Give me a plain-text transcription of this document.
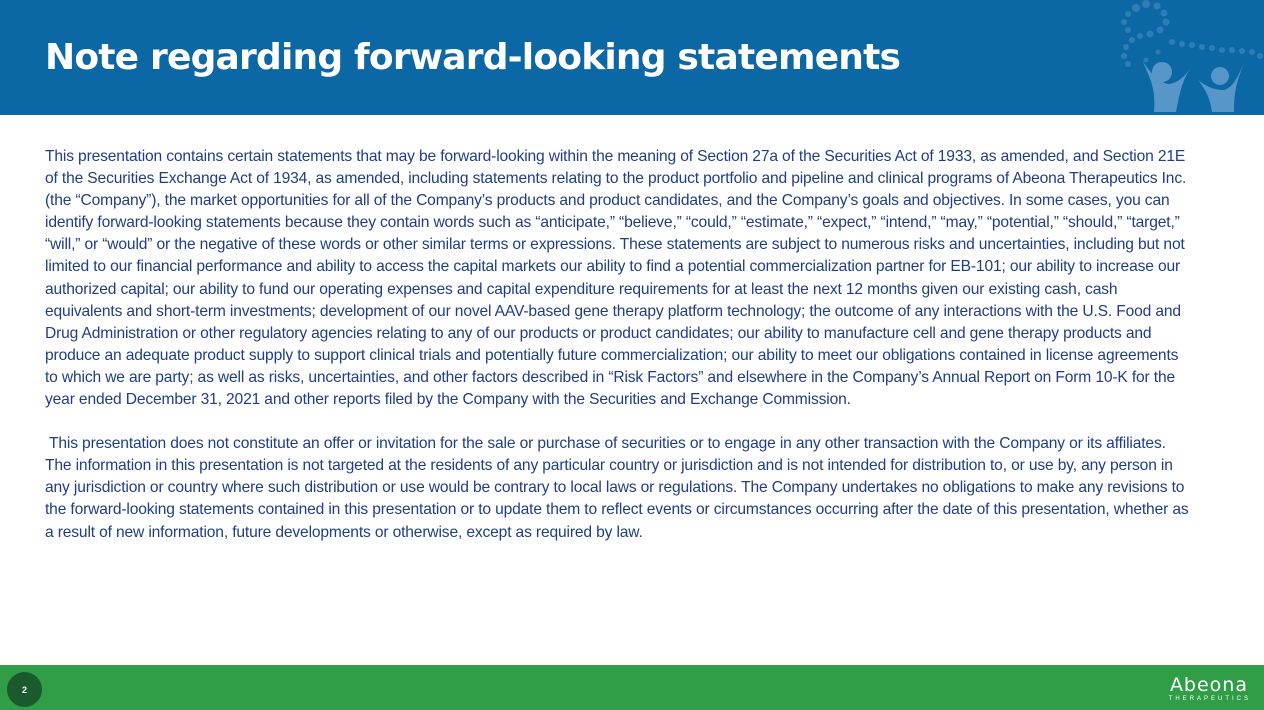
Note regarding forward-looking statements

This presentation contains certain statements that may be forward-looking within the meaning of Section 27a of the Securities Act of 1933, as amended, and Section 21E of the Securities Exchange Act of 1934, as amended, including statements relating to the product portfolio and pipeline and clinical programs of Abeona Therapeutics Inc. (the “Company”), the market opportunities for all of the Company’s products and product candidates, and the Company’s goals and objectives. In some cases, you can identify forward-looking statements because they contain words such as “anticipate,” “believe,” “could,” “estimate,” “expect,” “intend,” “may,” “potential,” “should,” “target,” “will,” or “would” or the negative of these words or other similar terms or expressions. These statements are subject to numerous risks and uncertainties, including but not limited to our financial performance and ability to access the capital markets our ability to find a potential commercialization partner for EB-101; our ability to increase our authorized capital; our ability to fund our operating expenses and capital expenditure requirements for at least the next 12 months given our existing cash, cash equivalents and short-term investments; development of our novel AAV-based gene therapy platform technology; the outcome of any interactions with the U.S. Food and Drug Administration or other regulatory agencies relating to any of our products or product candidates; our ability to manufacture cell and gene therapy products and produce an adequate product supply to support clinical trials and potentially future commercialization; our ability to meet our obligations contained in license agreements to which we are party; as well as risks, uncertainties, and other factors described in “Risk Factors” and elsewhere in the Company’s Annual Report on Form 10-K for the year ended December 31, 2021 and other reports filed by the Company with the Securities and Exchange Commission.

This presentation does not constitute an offer or invitation for the sale or purchase of securities or to engage in any other transaction with the Company or its affiliates. The information in this presentation is not targeted at the residents of any particular country or jurisdiction and is not intended for distribution to, or use by, any person in any jurisdiction or country where such distribution or use would be contrary to local laws or regulations. The Company undertakes no obligations to make any revisions to the forward-looking statements contained in this presentation or to update them to reflect events or circumstances occurring after the date of this presentation, whether as a result of new information, future developments or otherwise, except as required by law.

2	Abeona
THERAPEUTICS
